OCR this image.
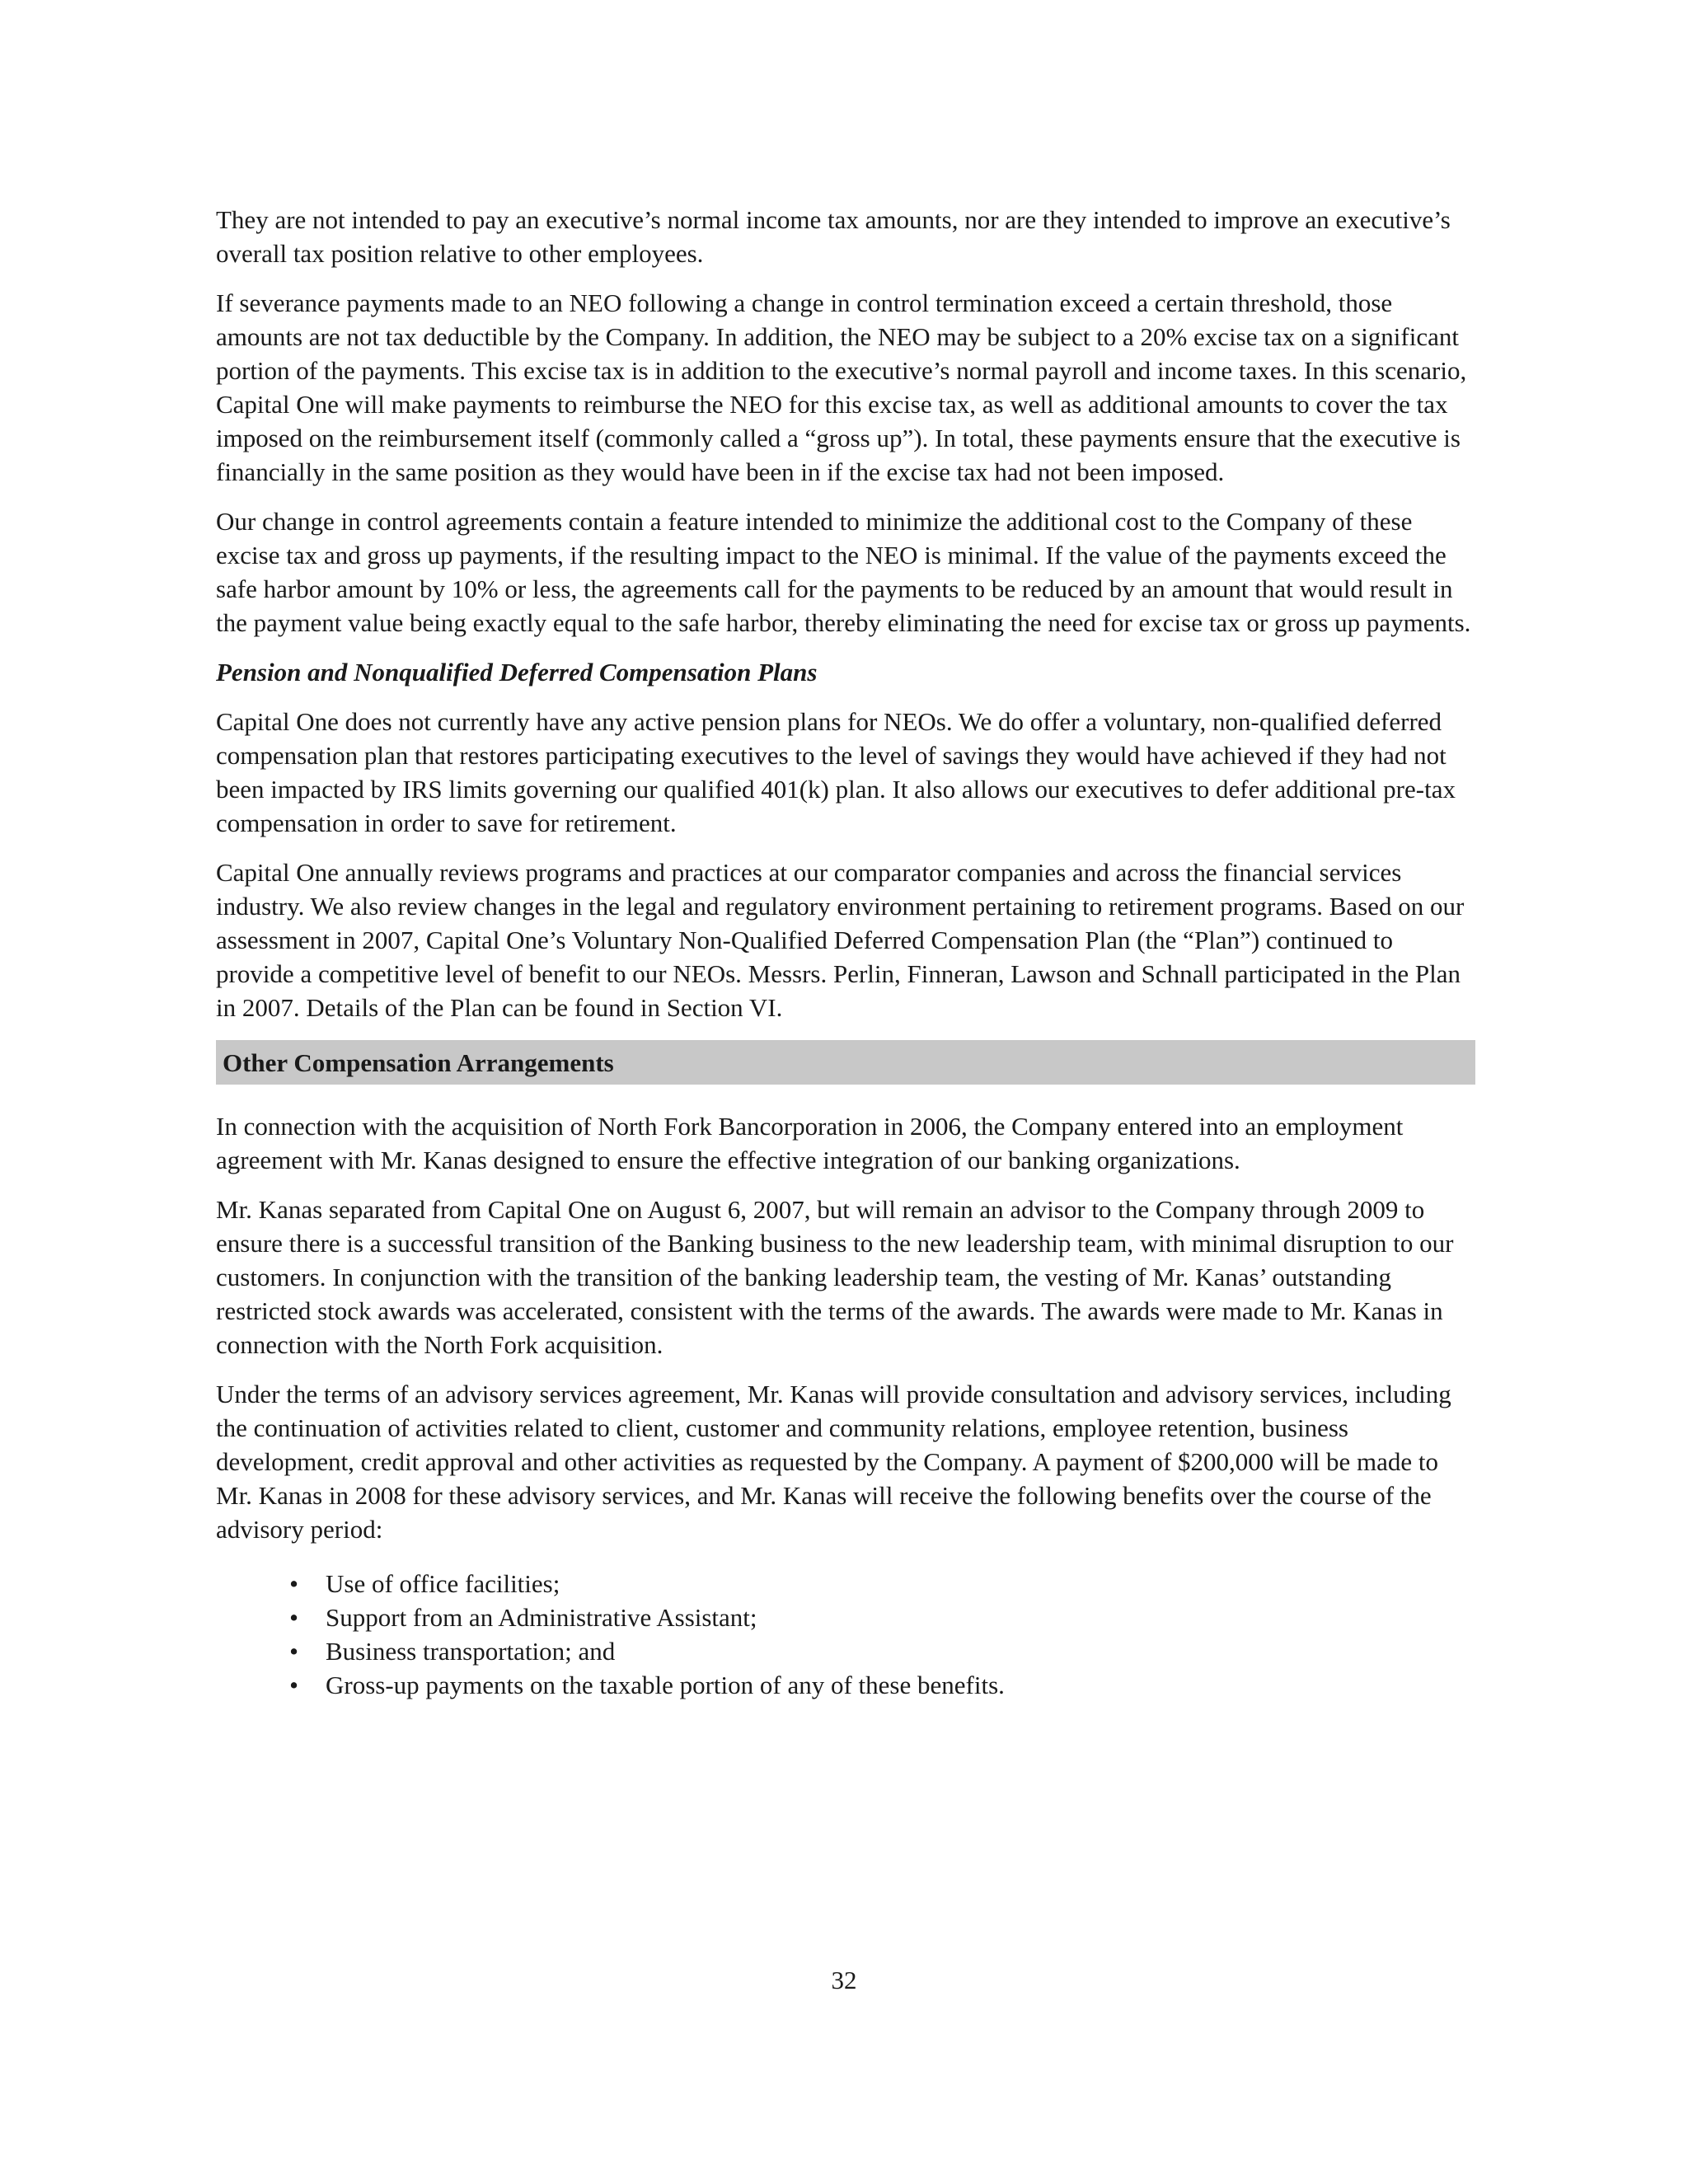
They are not intended to pay an executive’s normal income tax amounts, nor are they intended to improve an executive’s overall tax position relative to other employees.

If severance payments made to an NEO following a change in control termination exceed a certain threshold, those amounts are not tax deductible by the Company. In addition, the NEO may be subject to a 20% excise tax on a significant portion of the payments. This excise tax is in addition to the executive’s normal payroll and income taxes. In this scenario, Capital One will make payments to reimburse the NEO for this excise tax, as well as additional amounts to cover the tax imposed on the reimbursement itself (commonly called a “gross up”). In total, these payments ensure that the executive is financially in the same position as they would have been in if the excise tax had not been imposed.

Our change in control agreements contain a feature intended to minimize the additional cost to the Company of these excise tax and gross up payments, if the resulting impact to the NEO is minimal. If the value of the payments exceed the safe harbor amount by 10% or less, the agreements call for the payments to be reduced by an amount that would result in the payment value being exactly equal to the safe harbor, thereby eliminating the need for excise tax or gross up payments.

Pension and Nonqualified Deferred Compensation Plans

Capital One does not currently have any active pension plans for NEOs. We do offer a voluntary, non-qualified deferred compensation plan that restores participating executives to the level of savings they would have achieved if they had not been impacted by IRS limits governing our qualified 401(k) plan. It also allows our executives to defer additional pre-tax compensation in order to save for retirement.

Capital One annually reviews programs and practices at our comparator companies and across the financial services industry. We also review changes in the legal and regulatory environment pertaining to retirement programs. Based on our assessment in 2007, Capital One’s Voluntary Non-Qualified Deferred Compensation Plan (the “Plan”) continued to provide a competitive level of benefit to our NEOs. Messrs. Perlin, Finneran, Lawson and Schnall participated in the Plan in 2007. Details of the Plan can be found in Section VI.

Other Compensation Arrangements

In connection with the acquisition of North Fork Bancorporation in 2006, the Company entered into an employment agreement with Mr. Kanas designed to ensure the effective integration of our banking organizations.

Mr. Kanas separated from Capital One on August 6, 2007, but will remain an advisor to the Company through 2009 to ensure there is a successful transition of the Banking business to the new leadership team, with minimal disruption to our customers. In conjunction with the transition of the banking leadership team, the vesting of Mr. Kanas’ outstanding restricted stock awards was accelerated, consistent with the terms of the awards. The awards were made to Mr. Kanas in connection with the North Fork acquisition.

Under the terms of an advisory services agreement, Mr. Kanas will provide consultation and advisory services, including the continuation of activities related to client, customer and community relations, employee retention, business development, credit approval and other activities as requested by the Company. A payment of $200,000 will be made to Mr. Kanas in 2008 for these advisory services, and Mr. Kanas will receive the following benefits over the course of the advisory period:

•	Use of office facilities;
•	Support from an Administrative Assistant;
•	Business transportation; and
•	Gross-up payments on the taxable portion of any of these benefits.
32
